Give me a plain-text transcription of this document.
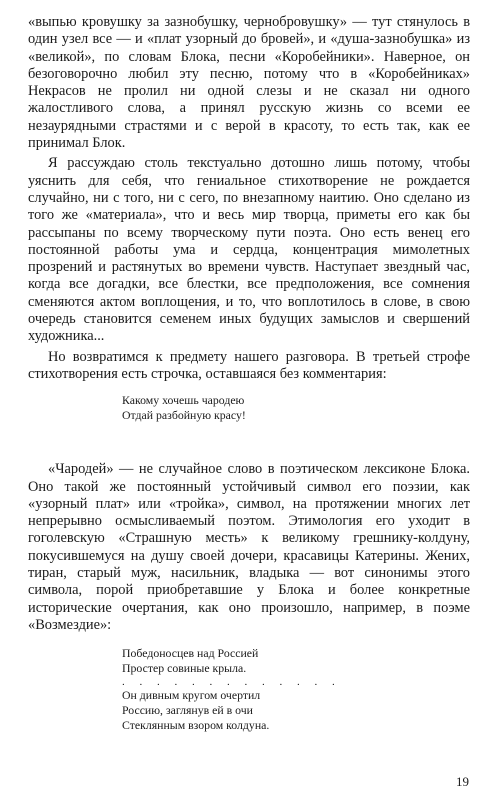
«выпью кровушку за зазнобушку, чернобровушку» — тут стянулось в один узел все — и «плат узорный до бровей», и «душа-зазнобушка» из «великой», по словам Блока, песни «Коробейники». Наверное, он безоговорочно любил эту песню, потому что в «Коробейниках» Некрасов не пролил ни одной слезы и не сказал ни одного жалостливого слова, а принял русскую жизнь со всеми ее незаурядными страстями и с верой в красоту, то есть так, как ее принимал Блок.

Я рассуждаю столь текстуально дотошно лишь потому, чтобы уяснить для себя, что гениальное стихотворение не рождается случайно, ни с того, ни с сего, по внезапному наитию. Оно сделано из того же «материала», что и весь мир творца, приметы его как бы рассыпаны по всему творческому пути поэта. Оно есть венец его постоянной работы ума и сердца, концентрация мимолетных прозрений и растянутых во времени чувств. Наступает звездный час, когда все догадки, все блестки, все предположения, все сомнения сменяются актом воплощения, и то, что воплотилось в слове, в свою очередь становится семенем иных будущих замыслов и свершений художника...

Но возвратимся к предмету нашего разговора. В третьей строфе стихотворения есть строчка, оставшаяся без комментария:

Какому хочешь чародею
Отдай разбойную красу!

«Чародей» — не случайное слово в поэтическом лексиконе Блока. Оно такой же постоянный устойчивый символ его поэзии, как «узорный плат» или «тройка», символ, на протяжении многих лет непрерывно осмысливаемый поэтом. Этимология его уходит в гоголевскую «Страшную месть» к великому грешнику-колдуну, покусившемуся на душу своей дочери, красавицы Катерины. Жених, тиран, старый муж, насильник, владыка — вот синонимы этого символа, порой приобретавшие у Блока и более конкретные исторические очертания, как оно произошло, например, в поэме «Возмездие»:

Победоносцев над Россией
Простер совиные крыла.
. . . . . . . . . . . . .
Он дивным кругом очертил
Россию, заглянув ей в очи
Стеклянным взором колдуна.
19
